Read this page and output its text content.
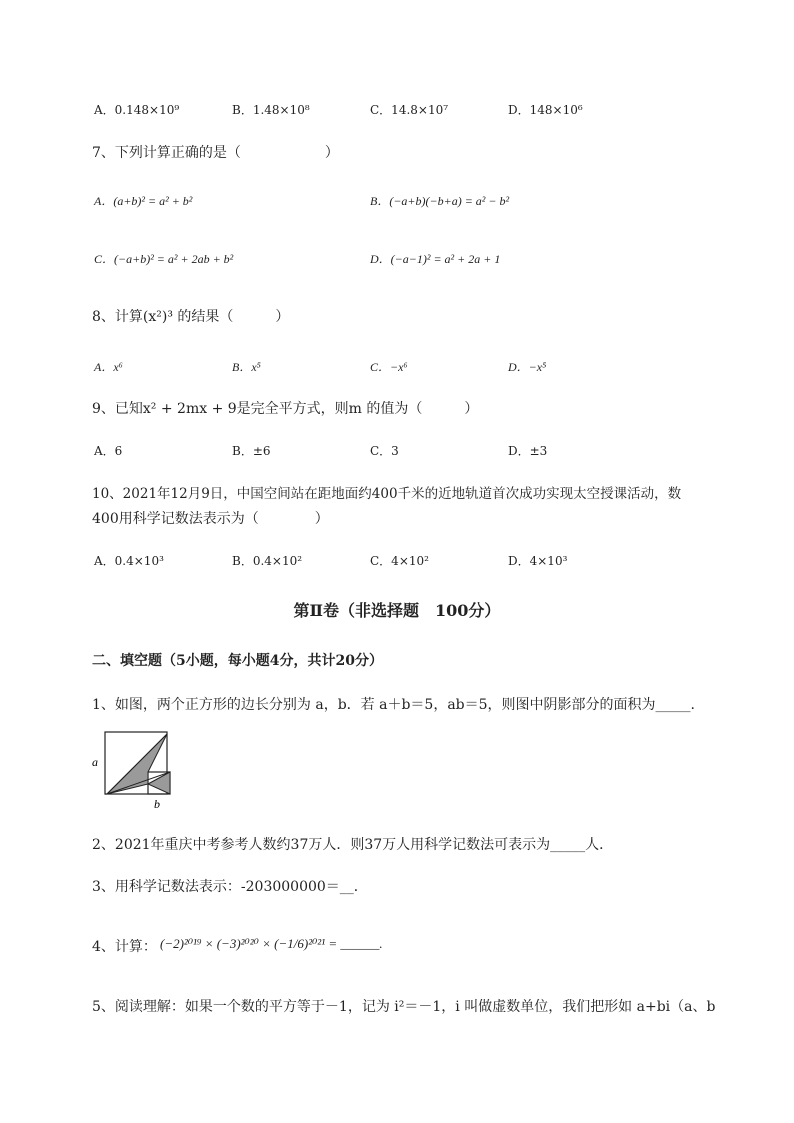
A．0.148×10⁹	B．1.48×10⁸	C．14.8×10⁷	D．148×10⁶
7、下列计算正确的是（　　　　　　）
A．(a+b)² = a² + b²	B．(−a+b)(−b+a) = a² − b²
C．(−a+b)² = a² + 2ab + b²	D．(−a−1)² = a² + 2a + 1
8、计算(x²)³ 的结果（　　　）
A．x⁶	B．x⁵	C．−x⁶	D．−x⁵
9、已知x² + 2mx + 9是完全平方式，则m 的值为（　　　）
A．6	B．±6	C．3	D．±3
10、2021年12月9日，中国空间站在距地面约400千米的近地轨道首次成功实现太空授课活动，数
400用科学记数法表示为（　　　　）
A．0.4×10³	B．0.4×10²	C．4×10²	D．4×10³
第Ⅱ卷（非选择题　100分）
二、填空题（5小题，每小题4分，共计20分）
1、如图，两个正方形的边长分别为 a，b．若 a＋b＝5，ab＝5，则图中阴影部分的面积为_____.
a
b
2、2021年重庆中考参考人数约37万人．则37万人用科学记数法可表示为_____人．
3、用科学记数法表示：-203000000＝__．
4、计算： (−2)²⁰¹⁹ × (−3)²⁰²⁰ × (−1/6)²⁰²¹ = ______.
5、阅读理解：如果一个数的平方等于－1，记为 i²＝－1，i 叫做虚数单位，我们把形如 a+bi（a、b
